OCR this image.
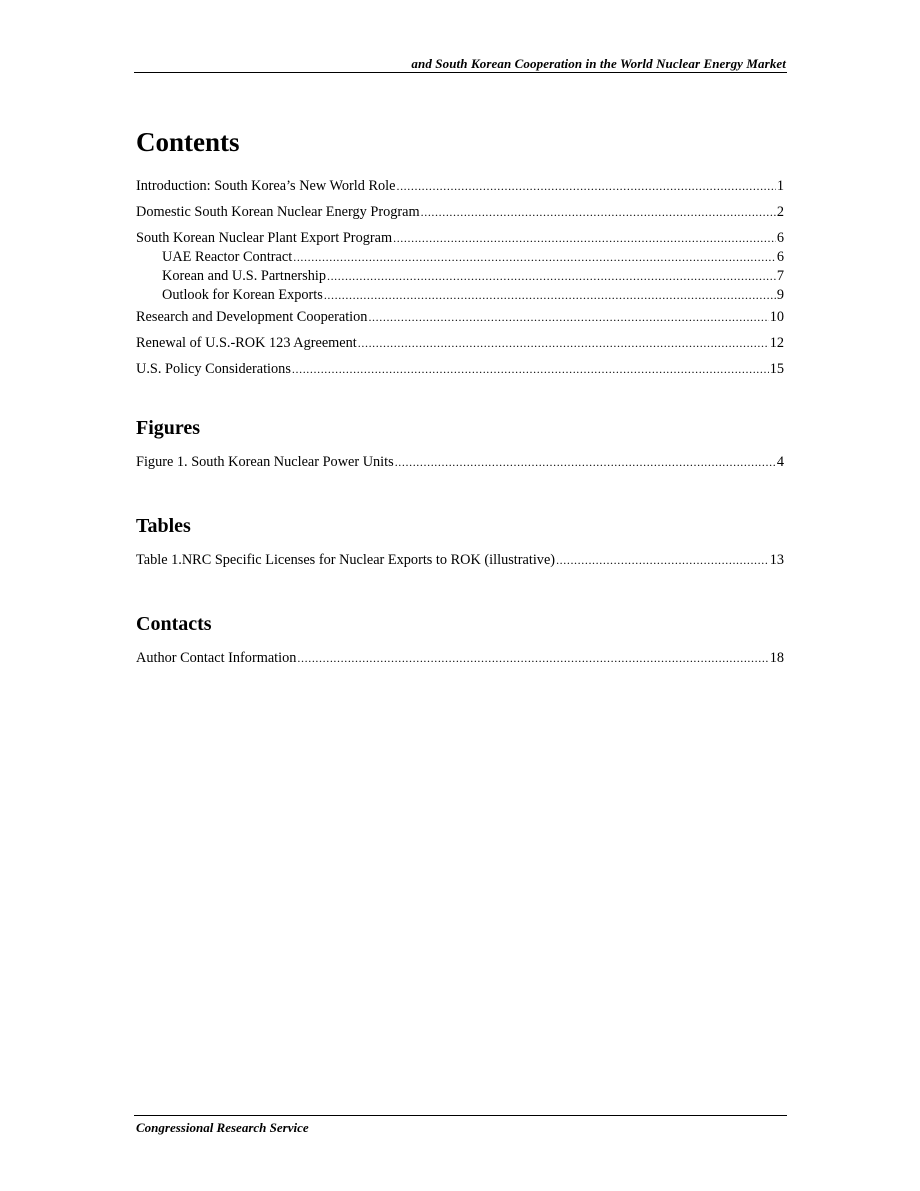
and South Korean Cooperation in the World Nuclear Energy Market
Contents
Introduction: South Korea’s New World Role .....	1
Domestic South Korean Nuclear Energy Program .....	2
South Korean Nuclear Plant Export Program .....	6
UAE Reactor Contract .....	6
Korean and U.S. Partnership .....	7
Outlook for Korean Exports .....	9
Research and Development Cooperation .....	10
Renewal of U.S.-ROK 123 Agreement .....	12
U.S. Policy Considerations .....	15
Figures
Figure 1. South Korean Nuclear Power Units .....	4
Tables
Table 1.NRC Specific Licenses for Nuclear Exports to ROK (illustrative) .....	13
Contacts
Author Contact Information .....	18
Congressional Research Service
